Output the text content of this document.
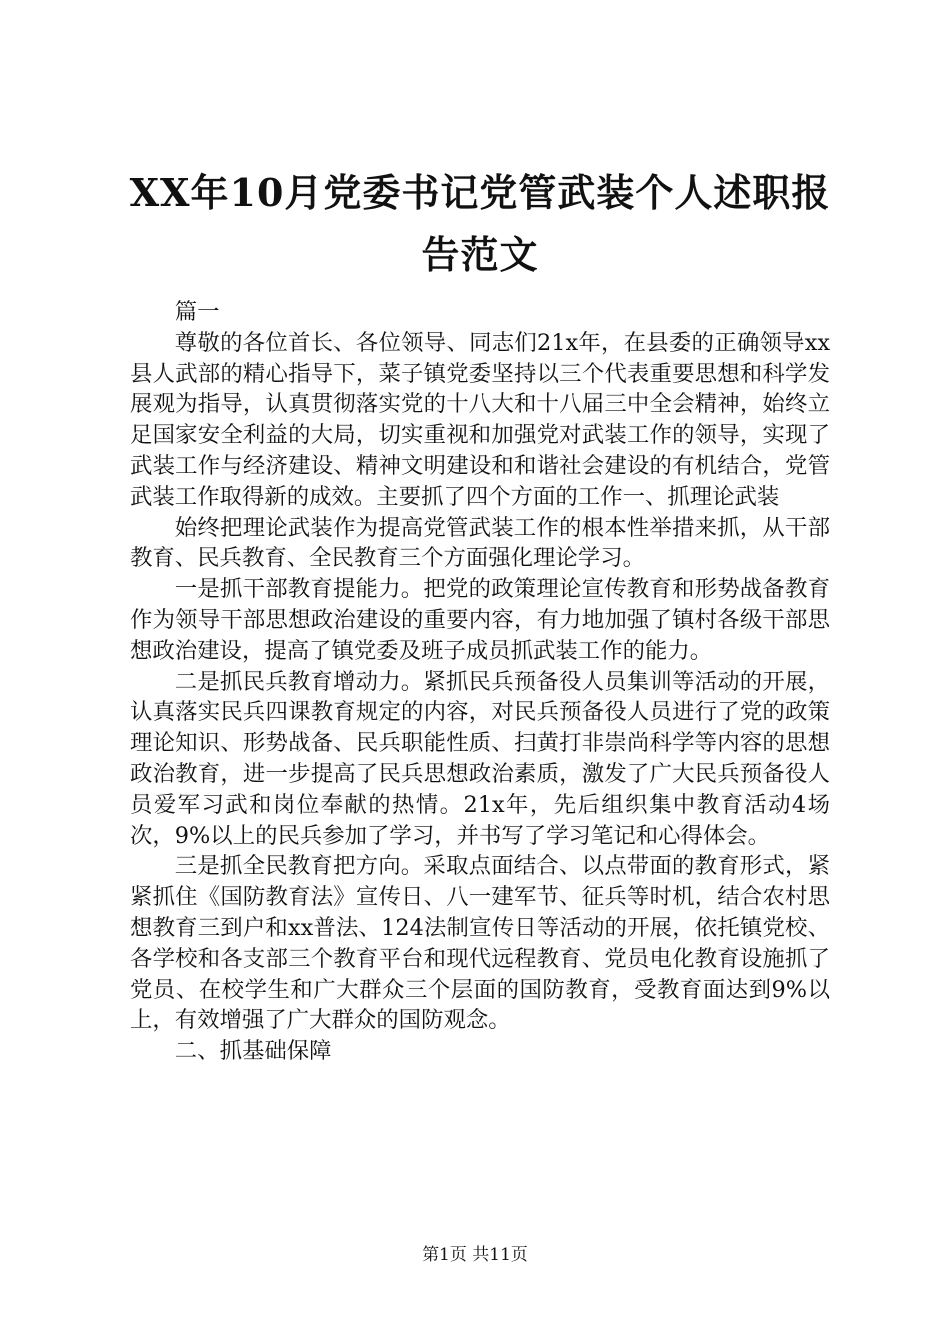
XX年10月党委书记党管武装个人述职报告范文

篇一

尊敬的各位首长、各位领导、同志们21x年，在县委的正确领导xx县人武部的精心指导下，菜子镇党委坚持以三个代表重要思想和科学发展观为指导，认真贯彻落实党的十八大和十八届三中全会精神，始终立足国家安全利益的大局，切实重视和加强党对武装工作的领导，实现了武装工作与经济建设、精神文明建设和和谐社会建设的有机结合，党管武装工作取得新的成效。主要抓了四个方面的工作一、抓理论武装

始终把理论武装作为提高党管武装工作的根本性举措来抓，从干部教育、民兵教育、全民教育三个方面强化理论学习。

一是抓干部教育提能力。把党的政策理论宣传教育和形势战备教育作为领导干部思想政治建设的重要内容，有力地加强了镇村各级干部思想政治建设，提高了镇党委及班子成员抓武装工作的能力。

二是抓民兵教育增动力。紧抓民兵预备役人员集训等活动的开展，认真落实民兵四课教育规定的内容，对民兵预备役人员进行了党的政策理论知识、形势战备、民兵职能性质、扫黄打非崇尚科学等内容的思想政治教育，进一步提高了民兵思想政治素质，激发了广大民兵预备役人员爱军习武和岗位奉献的热情。21x年，先后组织集中教育活动4场次，9%以上的民兵参加了学习，并书写了学习笔记和心得体会。

三是抓全民教育把方向。采取点面结合、以点带面的教育形式，紧紧抓住《国防教育法》宣传日、八一建军节、征兵等时机，结合农村思想教育三到户和xx普法、124法制宣传日等活动的开展，依托镇党校、各学校和各支部三个教育平台和现代远程教育、党员电化教育设施抓了党员、在校学生和广大群众三个层面的国防教育，受教育面达到9%以上，有效增强了广大群众的国防观念。

二、抓基础保障

第1页 共11页
